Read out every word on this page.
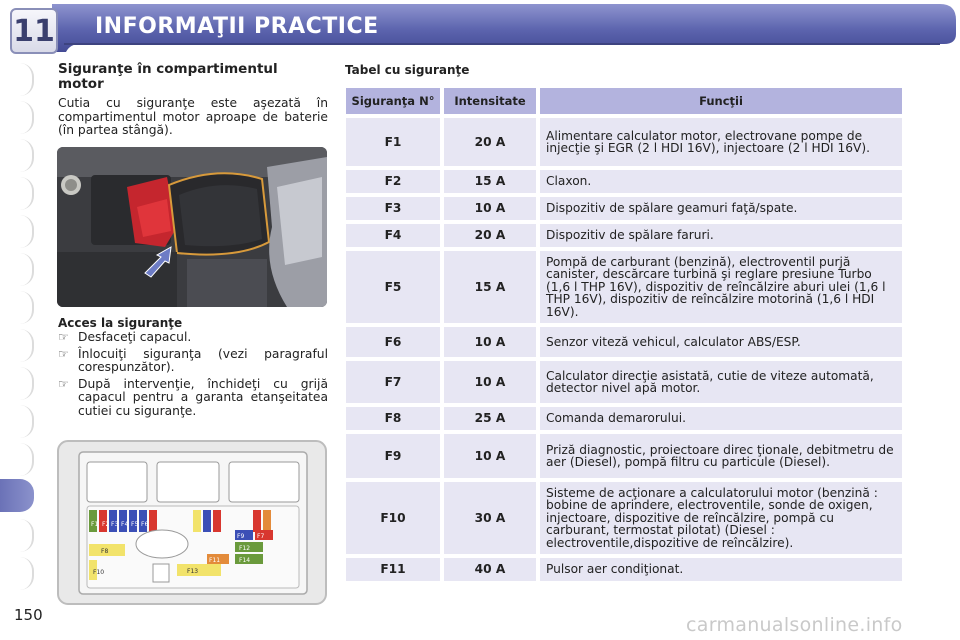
11 INFORMAŢII PRACTICE
Siguranţe în compartimentul motor
Cutia cu siguranţe este aşezată în compartimentul motor aproape de baterie (în partea stângă).
Acces la siguranţe
☞ Desfaceţi capacul.
☞ Înlocuiţi siguranţa (vezi paragraful corespunzător).
☞ După intervenţie, închideţi cu grijă capacul pentru a garanta etanşeitatea cutiei cu siguranţe.
F1 F2 F3 F4 F5 F6
F7
F8
F9
F10
F11
F12
F13
F14
Tabel cu siguranţe
Siguranţa N°	Intensitate	Funcţii
F1	20 A	Alimentare calculator motor, electrovane pompe de injecţie şi EGR (2 l HDI 16V), injectoare (2 l HDI 16V).
F2	15 A	Claxon.
F3	10 A	Dispozitiv de spălare geamuri faţă/spate.
F4	20 A	Dispozitiv de spălare faruri.
F5	15 A	Pompă de carburant (benzină), electroventil purjă canister, descărcare turbină şi reglare presiune Turbo (1,6 l THP 16V), dispozitiv de reîncălzire aburi ulei (1,6 l THP 16V), dispozitiv de reîncălzire motorină (1,6 l HDI 16V).
F6	10 A	Senzor viteză vehicul, calculator ABS/ESP.
F7	10 A	Calculator direcţie asistată, cutie de viteze automată, detector nivel apă motor.
F8	25 A	Comanda demarorului.
F9	10 A	Priză diagnostic, proiectoare direc ţionale, debitmetru de aer (Diesel), pompă filtru cu particule (Diesel).
F10	30 A	Sisteme de acţionare a calculatorului motor (benzină : bobine de aprindere, electroventile, sonde de oxigen, injectoare, dispozitive de reîncălzire, pompă cu carburant, termostat pilotat) (Diesel : electroventile,dispozitive de reîncălzire).
F11	40 A	Pulsor aer condiţionat.
150	carmanualsonline.info
